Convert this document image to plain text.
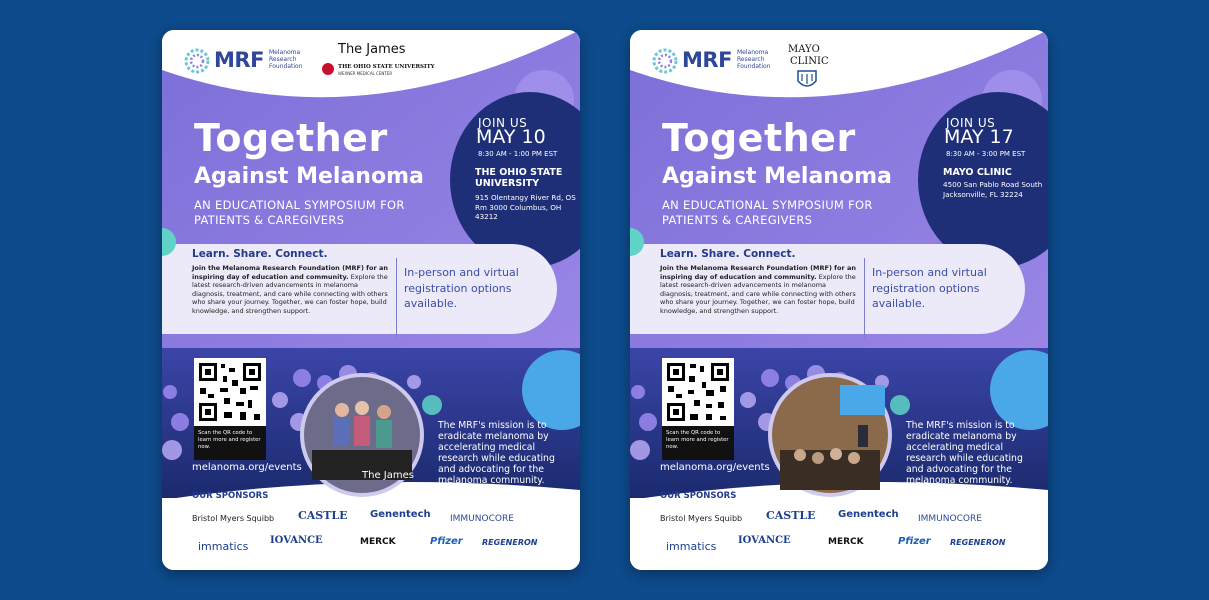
MRF Melanoma Research Foundation
The James
THE OHIO STATE UNIVERSITY
WEXNER MEDICAL CENTER
Together
Against Melanoma
AN EDUCATIONAL SYMPOSIUM FOR PATIENTS & CAREGIVERS
JOIN US
MAY 10
8:30 AM - 1:00 PM EST
THE OHIO STATE UNIVERSITY
915 Olentangy River Rd, OS Rm 3000 Columbus, OH 43212
Learn. Share. Connect.
Join the Melanoma Research Foundation (MRF) for an inspiring day of education and community. Explore the latest research-driven advancements in melanoma diagnosis, treatment, and care while connecting with others who share your journey. Together, we can foster hope, build knowledge, and strengthen support.
In-person and virtual registration options available.
Scan the QR code to learn more and register now.
melanoma.org/events
The James
The MRF's mission is to eradicate melanoma by accelerating medical research while educating and advocating for the melanoma community.
OUR SPONSORS
Bristol Myers Squibb CASTLE Genentech IMMUNOCORE
immatics IOVANCE	MERCK	Pfizer REGENERON
MRF Melanoma Research Foundation
MAYO
CLINIC
Together
Against Melanoma
AN EDUCATIONAL SYMPOSIUM FOR PATIENTS & CAREGIVERS
JOIN US
MAY 17
8:30 AM - 3:00 PM EST
MAYO CLINIC
4500 San Pablo Road South Jacksonville, FL 32224
Learn. Share. Connect.
Join the Melanoma Research Foundation (MRF) for an inspiring day of education and community. Explore the latest research-driven advancements in melanoma diagnosis, treatment, and care while connecting with others who share your journey. Together, we can foster hope, build knowledge, and strengthen support.
In-person and virtual registration options available.
Scan the QR code to learn more and register now.
melanoma.org/events
The MRF's mission is to eradicate melanoma by accelerating medical research while educating and advocating for the melanoma community.
OUR SPONSORS
Bristol Myers Squibb CASTLE Genentech IMMUNOCORE
immatics IOVANCE	MERCK	Pfizer REGENERON
